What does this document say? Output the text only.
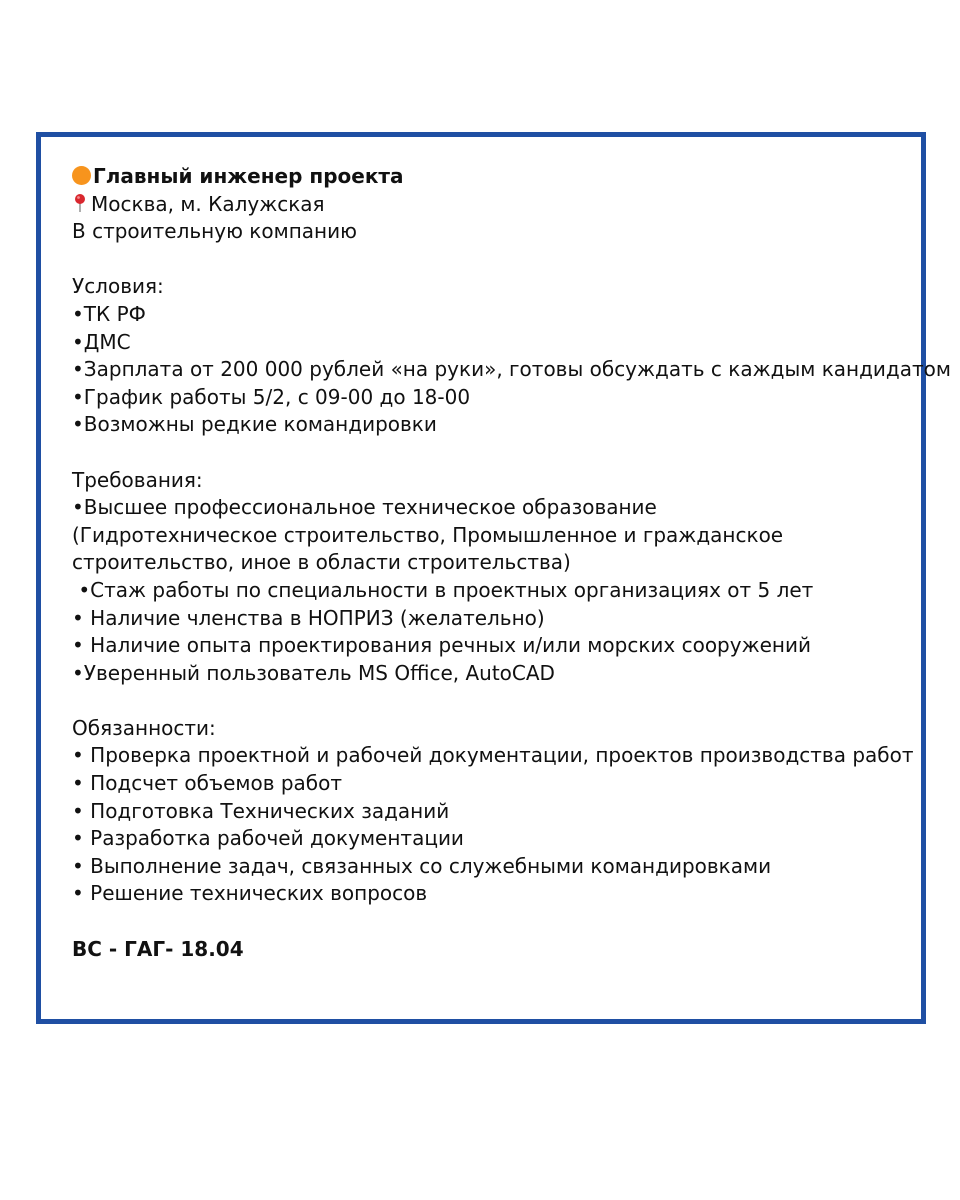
Главный инженер проекта
Москва, м. Калужская
В строительную компанию
Условия:
•ТК РФ
•ДМС
•Зарплата от 200 000 рублей «на руки», готовы обсуждать с каждым кандидатом
•График работы 5/2, с 09-00 до 18-00
•Возможны редкие командировки
Требования:
•Высшее профессиональное техническое образование (Гидротехническое строительство, Промышленное и гражданское строительство, иное в области строительства)
•Стаж работы по специальности в проектных организациях от 5 лет
• Наличие членства в НОПРИЗ (желательно)
• Наличие опыта проектирования речных и/или морских сооружений
•Уверенный пользователь MS Office, AutoCAD
Обязанности:
• Проверка проектной и рабочей документации, проектов производства работ
• Подсчет объемов работ
• Подготовка Технических заданий
• Разработка рабочей документации
• Выполнение задач, связанных со служебными командировками
• Решение технических вопросов
ВС - ГАГ- 18.04
